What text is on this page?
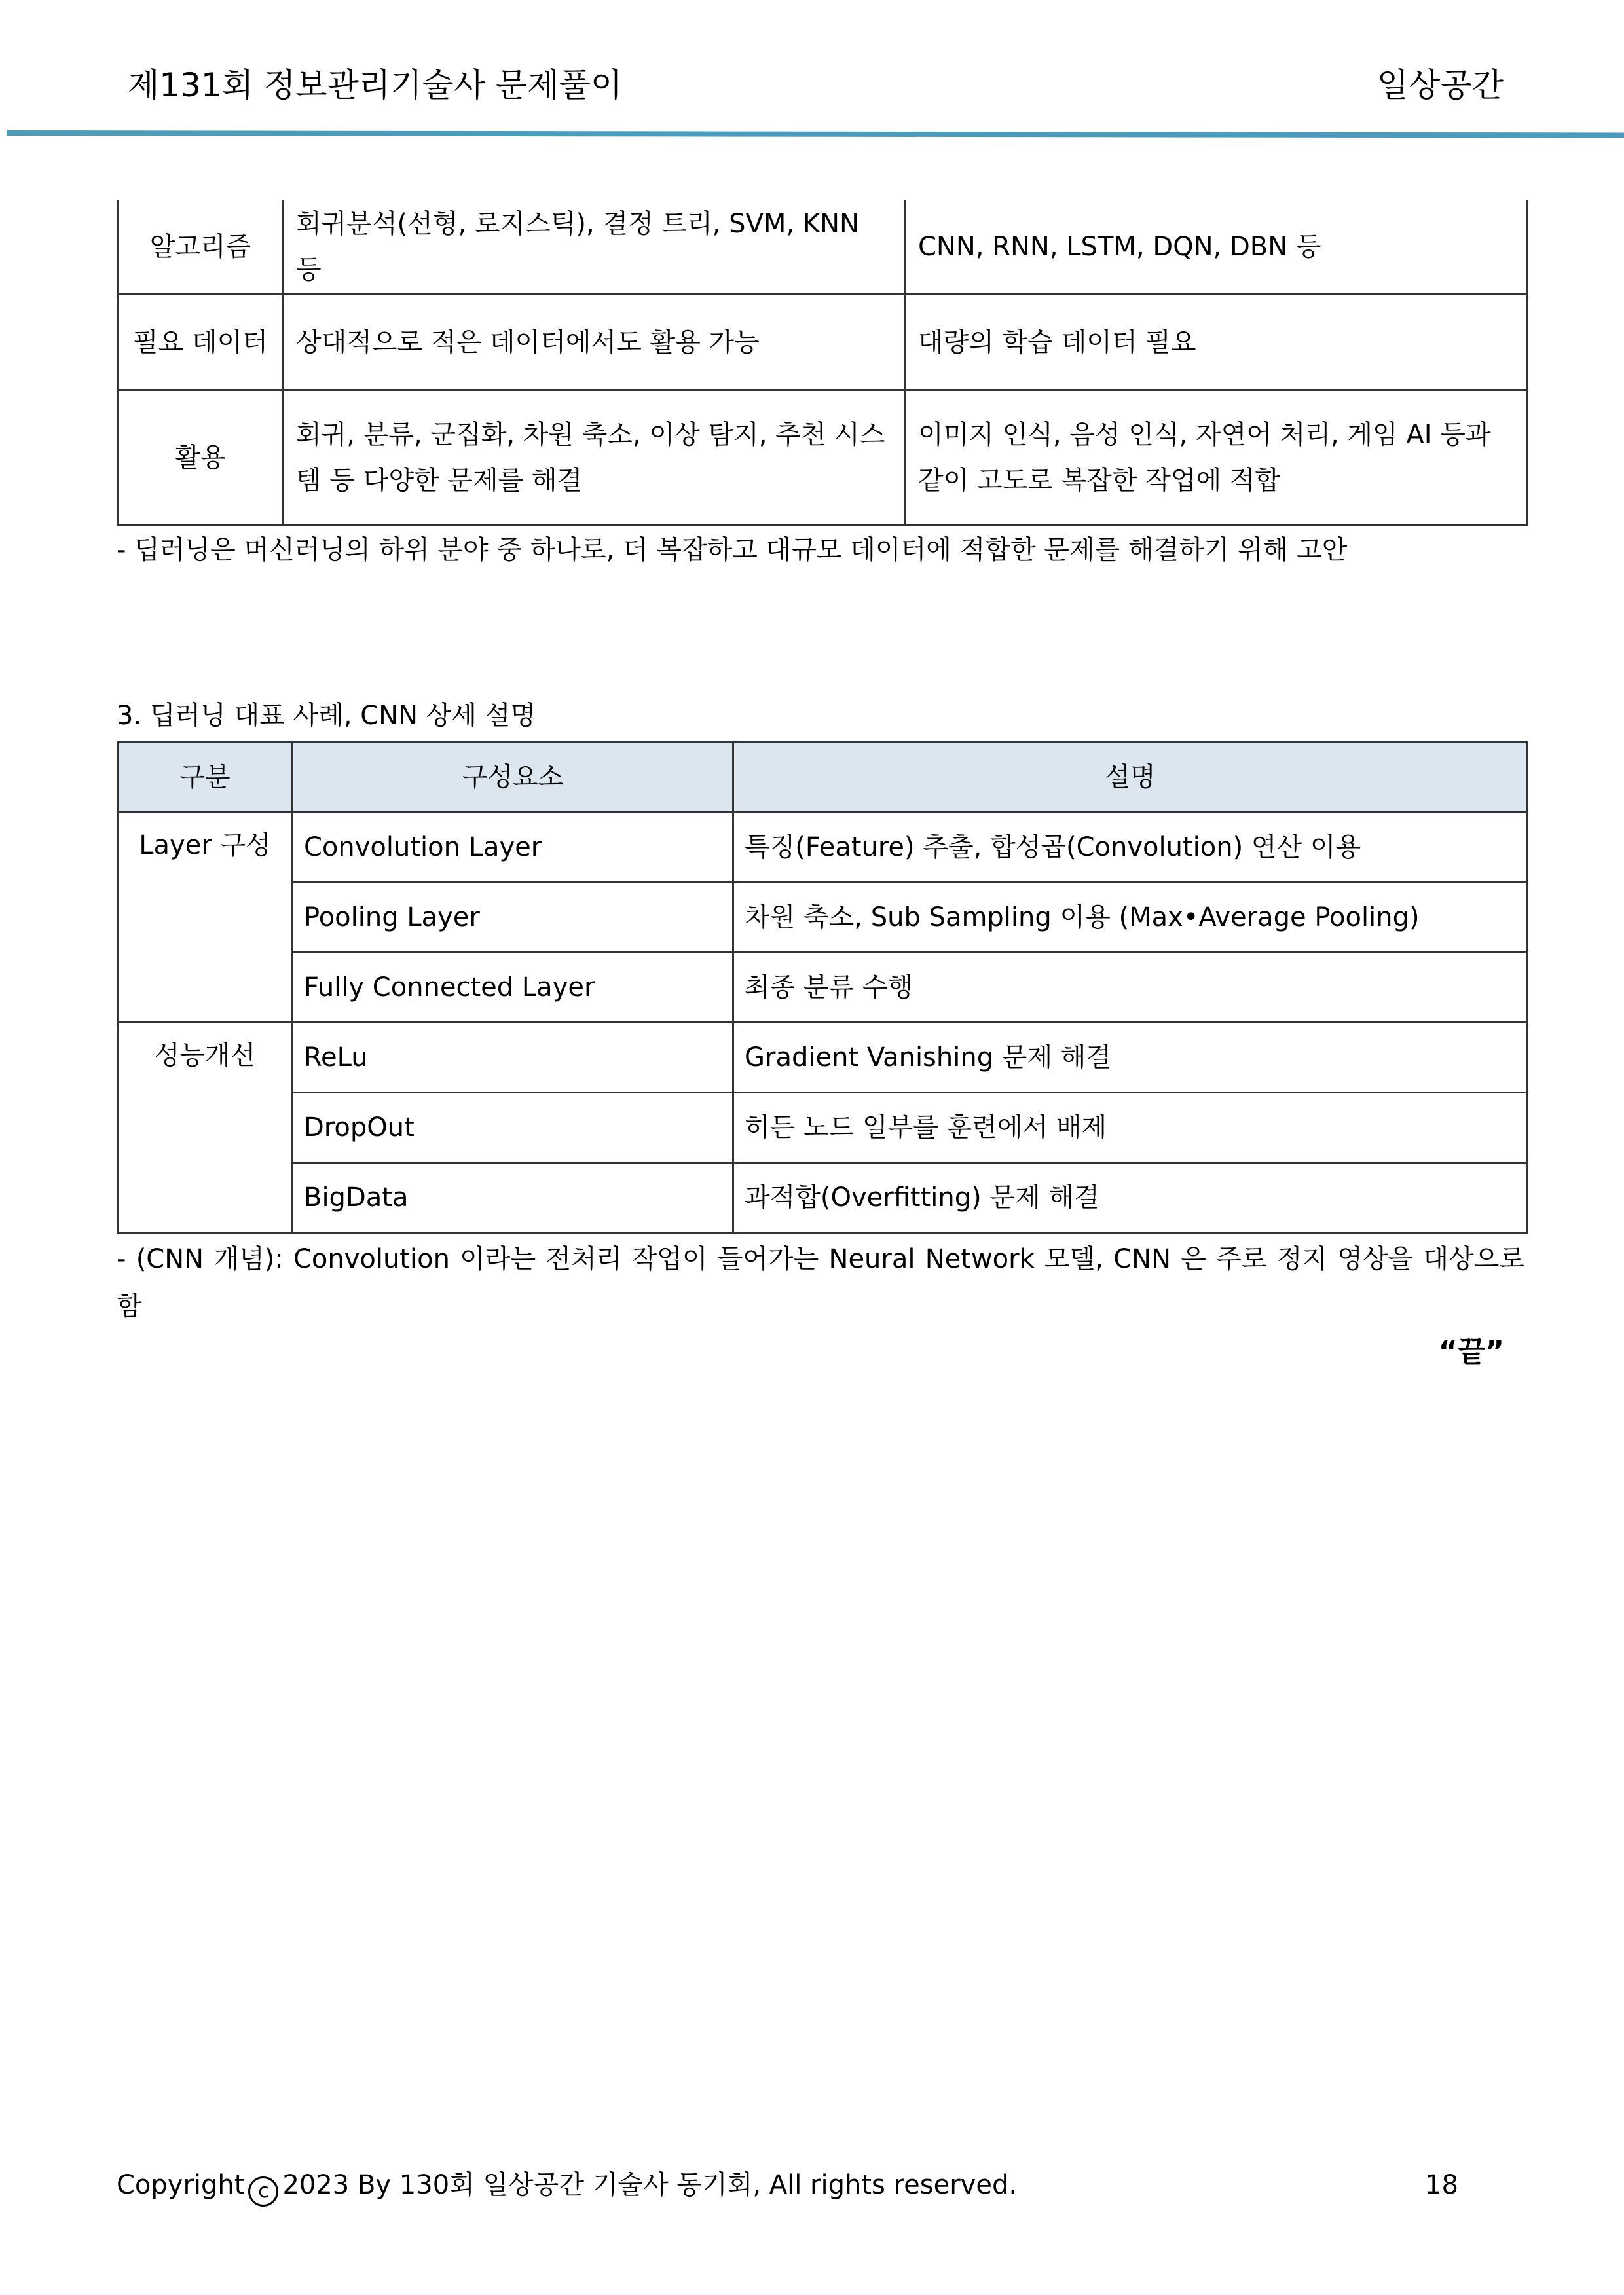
제131회 정보관리기술사 문제풀이	일상공간
알고리즘	회귀분석(선형, 로지스틱), 결정 트리, SVM, KNN 등	CNN, RNN, LSTM, DQN, DBN 등
필요 데이터	상대적으로 적은 데이터에서도 활용 가능	대량의 학습 데이터 필요
활용	회귀, 분류, 군집화, 차원 축소, 이상 탐지, 추천 시스템 등 다양한 문제를 해결	이미지 인식, 음성 인식, 자연어 처리, 게임 AI 등과 같이 고도로 복잡한 작업에 적합
- 딥러닝은 머신러닝의 하위 분야 중 하나로, 더 복잡하고 대규모 데이터에 적합한 문제를 해결하기 위해 고안
3. 딥러닝 대표 사례, CNN 상세 설명
구분	구성요소	설명
Layer 구성	Convolution Layer	특징(Feature) 추출, 합성곱(Convolution) 연산 이용
	Pooling Layer	차원 축소, Sub Sampling 이용 (Max•Average Pooling)
	Fully Connected Layer	최종 분류 수행
성능개선	ReLu	Gradient Vanishing 문제 해결
	DropOut	히든 노드 일부를 훈련에서 배제
	BigData	과적합(Overfitting) 문제 해결
- (CNN 개념): Convolution 이라는 전처리 작업이 들어가는 Neural Network 모델, CNN 은 주로 정지 영상을 대상으로 함
“끝”
Copyright c 2023 By 130회 일상공간 기술사 동기회, All rights reserved.	18
